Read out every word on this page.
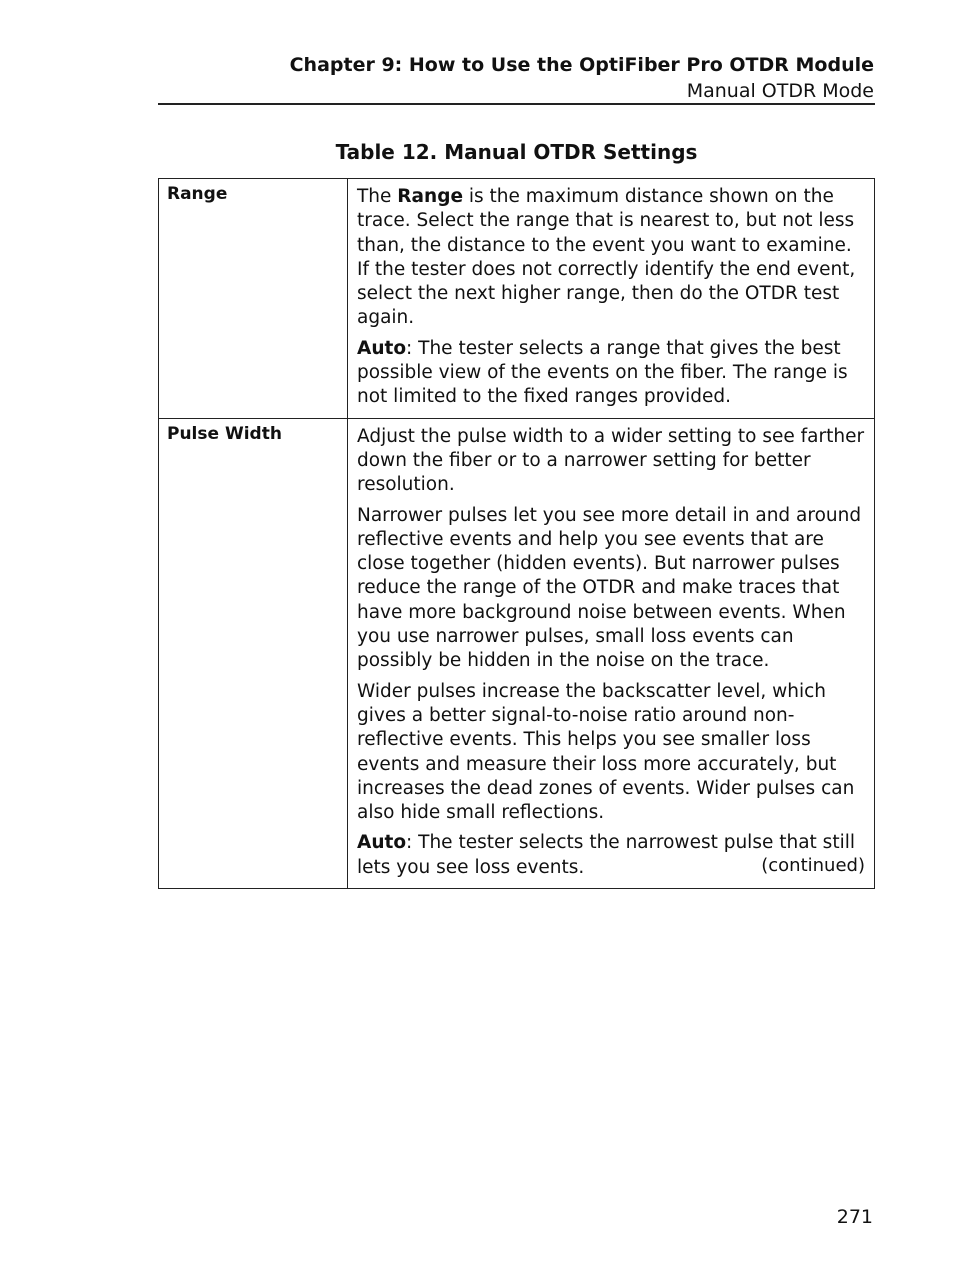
Chapter 9: How to Use the OptiFiber Pro OTDR Module
Manual OTDR Mode
Table 12. Manual OTDR Settings
Range	The Range is the maximum distance shown on the trace. Select the range that is nearest to, but not less than, the distance to the event you want to examine. If the tester does not correctly identify the end event, select the next higher range, then do the OTDR test again.

Auto: The tester selects a range that gives the best possible view of the events on the fiber. The range is not limited to the fixed ranges provided.

Pulse Width	Adjust the pulse width to a wider setting to see farther down the fiber or to a narrower setting for better resolution.

Narrower pulses let you see more detail in and around reflective events and help you see events that are close together (hidden events). But narrower pulses reduce the range of the OTDR and make traces that have more background noise between events. When you use narrower pulses, small loss events can possibly be hidden in the noise on the trace.

Wider pulses increase the backscatter level, which gives a better signal-to-noise ratio around non-reflective events. This helps you see smaller loss events and measure their loss more accurately, but increases the dead zones of events. Wider pulses can also hide small reflections.

Auto: The tester selects the narrowest pulse that still lets you see loss events.	(continued)
271
